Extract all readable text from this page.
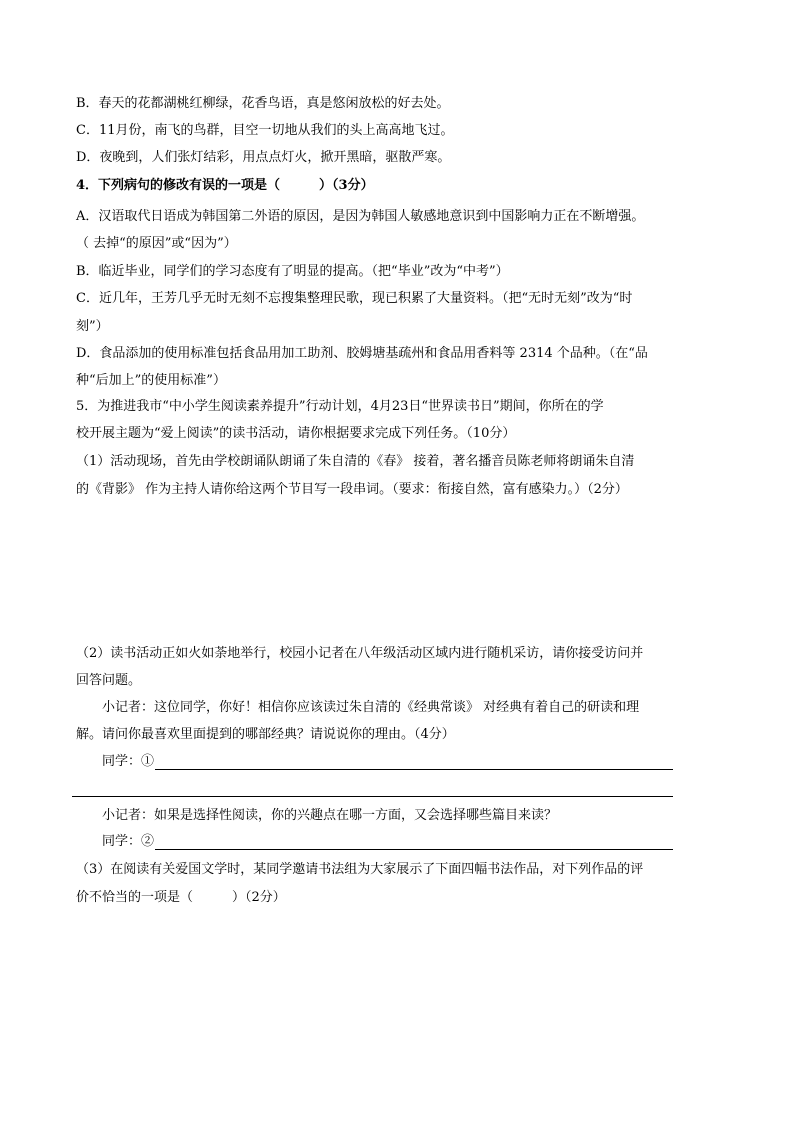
B．春天的花都湖桃红柳绿，花香鸟语，真是悠闲放松的好去处。
C．11月份，南飞的鸟群，目空一切地从我们的头上高高地飞过。
D．夜晚到，人们张灯结彩，用点点灯火，掀开黑暗，驱散严寒。
4．下列病句的修改有误的一项是（　　　）（3分）
A．汉语取代日语成为韩国第二外语的原因，是因为韩国人敏感地意识到中国影响力正在不断增强。
（ 去掉“的原因”或“因为”）
B．临近毕业，同学们的学习态度有了明显的提高。（把“毕业”改为“中考”）
C．近几年，王芳几乎无时无刻不忘搜集整理民歌，现已积累了大量资料。（把“无时无刻”改为“时
刻”）
D．食品添加的使用标准包括食品用加工助剂、胶姆塘基疏州和食品用香料等 2314 个品种。（在“品
种“后加上”的使用标准”）
5．为推进我市“中小学生阅读素养提升”行动计划，4月23日“世界读书日”期间，你所在的学
校开展主题为“爱上阅读”的读书活动，请你根据要求完成下列任务。（10分）
（1）活动现场，首先由学校朗诵队朗诵了朱自清的《春》 接着，著名播音员陈老师将朗诵朱自清
的《背影》 作为主持人请你给这两个节目写一段串词。（要求：衔接自然，富有感染力。）（2分）
（2）读书活动正如火如荼地举行，校园小记者在八年级活动区域内进行随机采访，请你接受访问并
回答问题。
小记者：这位同学，你好！相信你应该读过朱自清的《经典常谈》 对经典有着自己的研读和理
解。请问你最喜欢里面提到的哪部经典？请说说你的理由。（4分）
同学：①
小记者：如果是选择性阅读，你的兴趣点在哪一方面，又会选择哪些篇目来读？
同学：②
（3）在阅读有关爱国文学时，某同学邀请书法组为大家展示了下面四幅书法作品，对下列作品的评
价不恰当的一项是（　　　）（2分）
